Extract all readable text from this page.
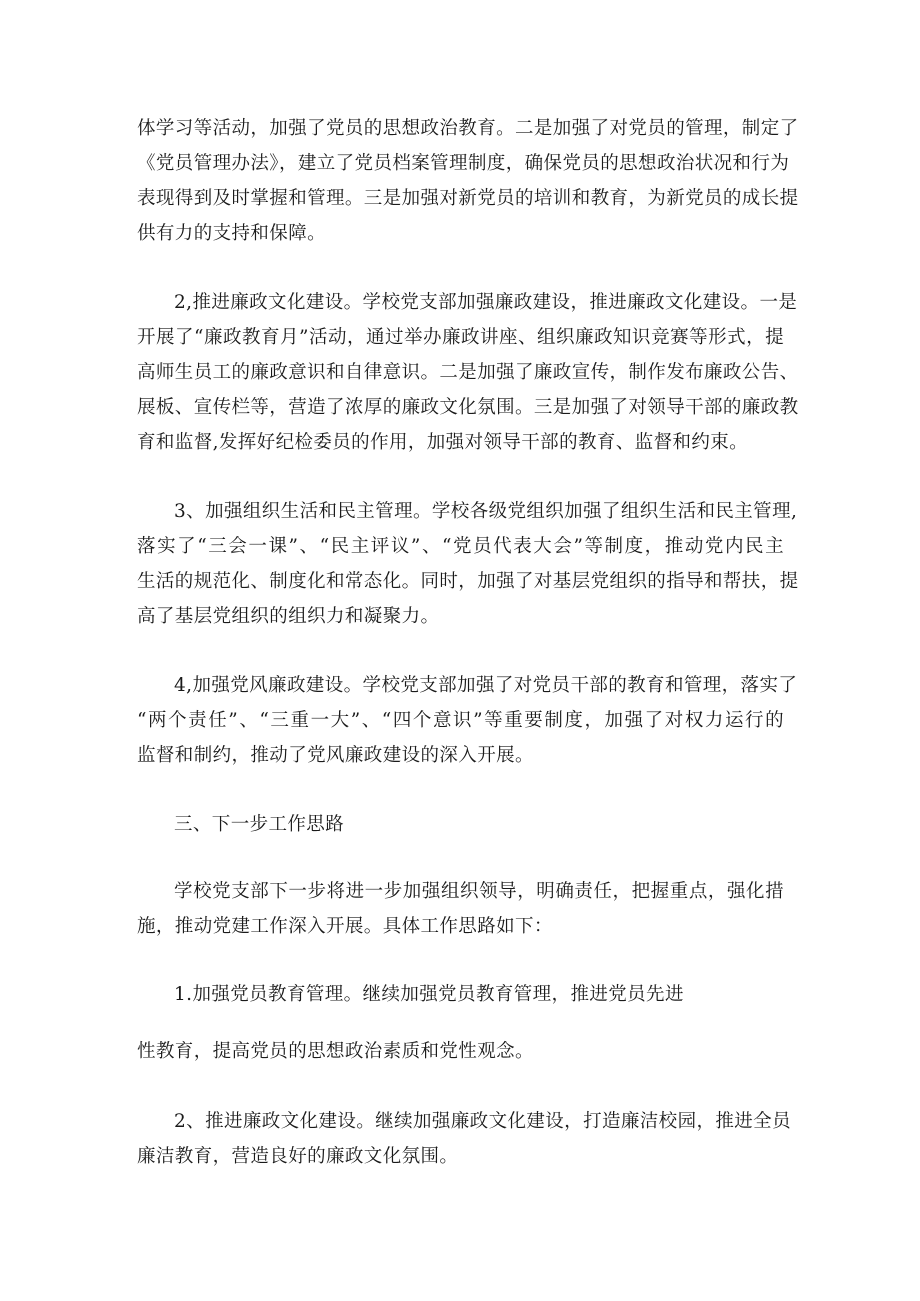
体学习等活动，加强了党员的思想政治教育。二是加强了对党员的管理，制定了
《党员管理办法》，建立了党员档案管理制度，确保党员的思想政治状况和行为
表现得到及时掌握和管理。三是加强对新党员的培训和教育，为新党员的成长提
供有力的支持和保障。
2,推进廉政文化建设。学校党支部加强廉政建设，推进廉政文化建设。一是
开展了“廉政教育月”活动，通过举办廉政讲座、组织廉政知识竞赛等形式，提
高师生员工的廉政意识和自律意识。二是加强了廉政宣传，制作发布廉政公告、
展板、宣传栏等，营造了浓厚的廉政文化氛围。三是加强了对领导干部的廉政教
育和监督,发挥好纪检委员的作用，加强对领导干部的教育、监督和约束。
3、加强组织生活和民主管理。学校各级党组织加强了组织生活和民主管理,
落实了“三会一课”、“民主评议”、“党员代表大会”等制度，推动党内民主
生活的规范化、制度化和常态化。同时，加强了对基层党组织的指导和帮扶，提
高了基层党组织的组织力和凝聚力。
4,加强党风廉政建设。学校党支部加强了对党员干部的教育和管理，落实了
“两个责任”、“三重一大”、“四个意识”等重要制度，加强了对权力运行的
监督和制约，推动了党风廉政建设的深入开展。
三、下一步工作思路
学校党支部下一步将进一步加强组织领导，明确责任，把握重点，强化措
施，推动党建工作深入开展。具体工作思路如下：
1.加强党员教育管理。继续加强党员教育管理，推进党员先进
性教育，提高党员的思想政治素质和党性观念。
2、推进廉政文化建设。继续加强廉政文化建设，打造廉洁校园，推进全员
廉洁教育，营造良好的廉政文化氛围。
